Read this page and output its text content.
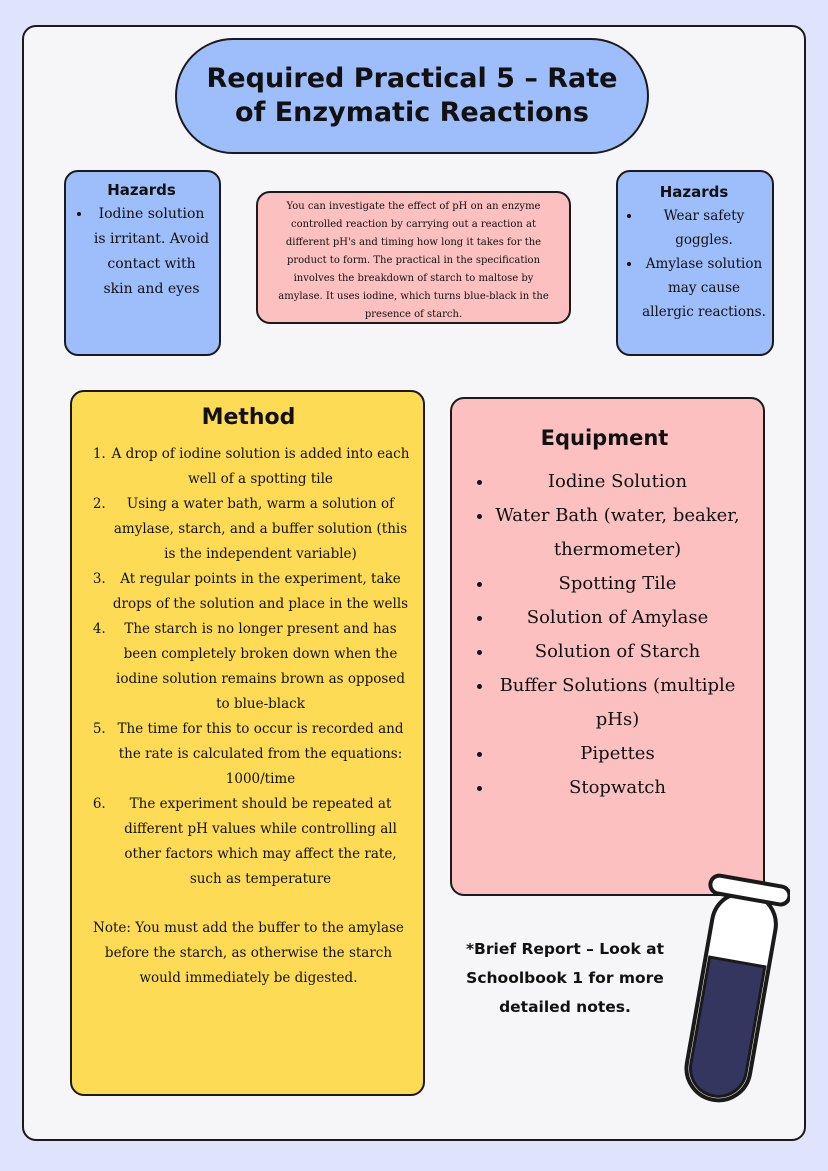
Required Practical 5 – Rate of Enzymatic Reactions
Hazards
• Iodine solution is irritant. Avoid contact with skin and eyes
You can investigate the effect of pH on an enzyme controlled reaction by carrying out a reaction at different pH's and timing how long it takes for the product to form. The practical in the specification involves the breakdown of starch to maltose by amylase. It uses iodine, which turns blue-black in the presence of starch.
Hazards
• Wear safety goggles.
• Amylase solution may cause allergic reactions.
Method
1. A drop of iodine solution is added into each well of a spotting tile
2. Using a water bath, warm a solution of amylase, starch, and a buffer solution (this is the independent variable)
3. At regular points in the experiment, take drops of the solution and place in the wells
4. The starch is no longer present and has been completely broken down when the iodine solution remains brown as opposed to blue-black
5. The time for this to occur is recorded and the rate is calculated from the equations: 1000/time
6. The experiment should be repeated at different pH values while controlling all other factors which may affect the rate, such as temperature

Note: You must add the buffer to the amylase before the starch, as otherwise the starch would immediately be digested.

Equipment
• Iodine Solution
• Water Bath (water, beaker, thermometer)
• Spotting Tile
• Solution of Amylase
• Solution of Starch
• Buffer Solutions (multiple pHs)
• Pipettes
• Stopwatch
*Brief Report – Look at Schoolbook 1 for more detailed notes.
